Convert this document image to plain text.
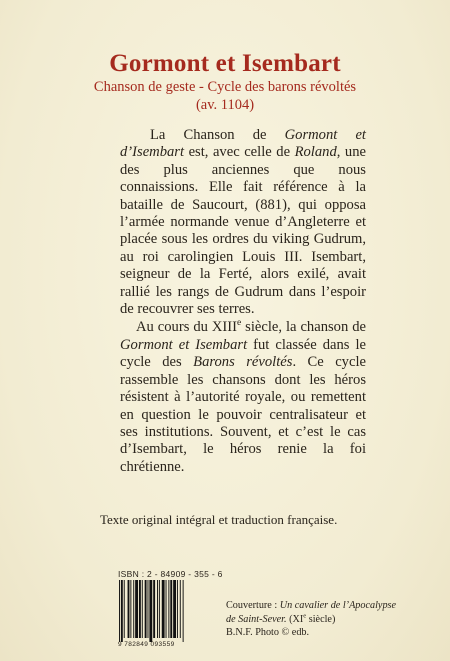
Gormont et Isembart
Chanson de geste - Cycle des barons révoltés
(av. 1104)

La Chanson de Gormont et d’Isembart est, avec celle de Roland, une des plus anciennes que nous connaissions. Elle fait référence à la bataille de Saucourt, (881), qui opposa l’armée normande venue d’Angleterre et placée sous les ordres du viking Gudrum, au roi carolingien Louis III. Isembart, seigneur de la Ferté, alors exilé, avait rallié les rangs de Gudrum dans l’espoir de recouvrer ses terres.

Au cours du XIIIe siècle, la chanson de Gormont et Isembart fut classée dans le cycle des Barons révoltés. Ce cycle rassemble les chansons dont les héros résistent à l’autorité royale, ou remettent en question le pouvoir centralisateur et ses institutions. Souvent, et c’est le cas d’Isembart, le héros renie la foi chrétienne.

Texte original intégral et traduction française.
ISBN : 2 - 84909 - 355 - 6
9 782849 093559
Couverture : Un cavalier de l’Apocalypse
de Saint-Sever. (XIe siècle)
B.N.F. Photo © edb.
